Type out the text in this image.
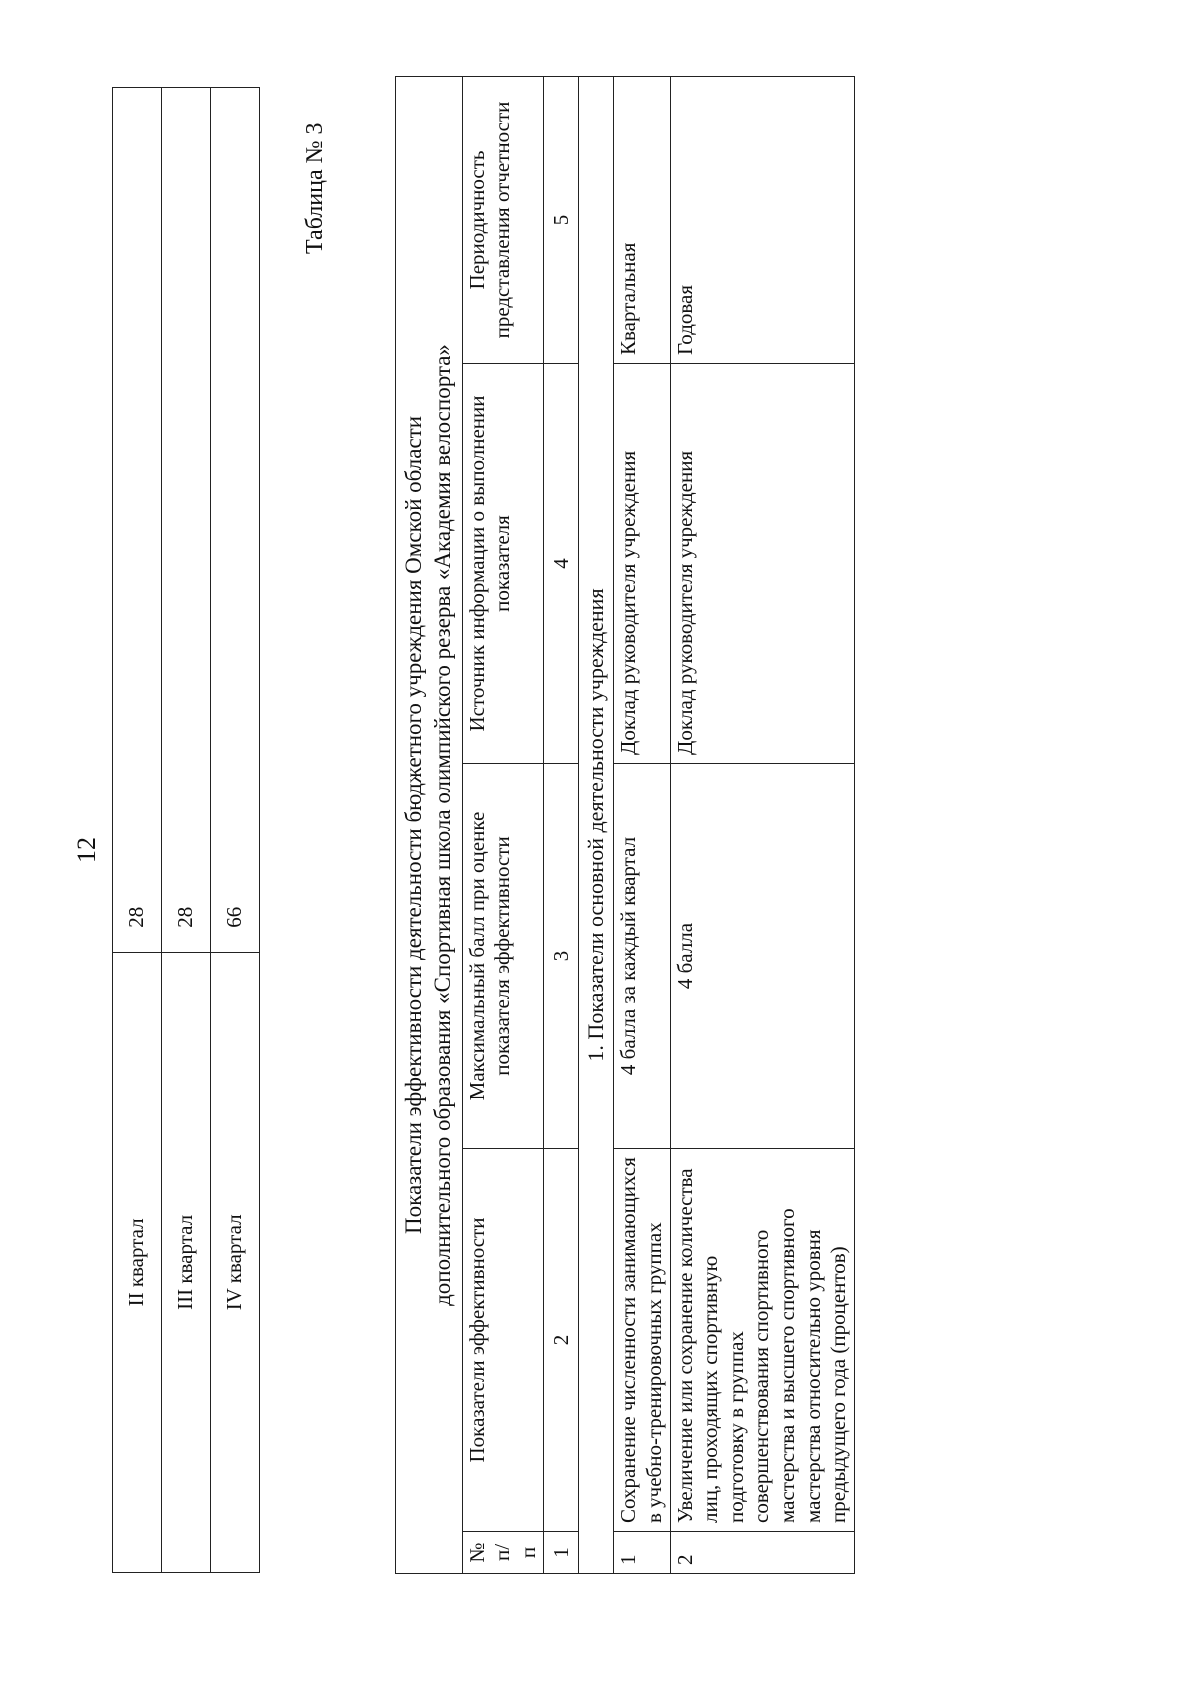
12
II квартал	28
III квартал	28
IV квартал	66
Таблица № 3
Показатели эффективности деятельности бюджетного учреждения Омской области дополнительного образования «Спортивная школа олимпийского резерва «Академия велоспорта»				

№ п/п	Показатели эффективности	Максимальный балл при оценке показателя эффективности	Источник информации о выполнении показателя	Периодичность представления отчетности
1	2	3	4	5
1. Показатели основной деятельности учреждения				
1	Сохранение численности занимающихся в учебно-тренировочных группах	4 балла за каждый квартал	Доклад руководителя учреждения	Квартальная
2	Увеличение или сохранение количества лиц, проходящих спортивную подготовку в группах совершенствования спортивного мастерства и высшего спортивного мастерства относительно уровня предыдущего года (процентов)	4 балла	Доклад руководителя учреждения	Годовая
